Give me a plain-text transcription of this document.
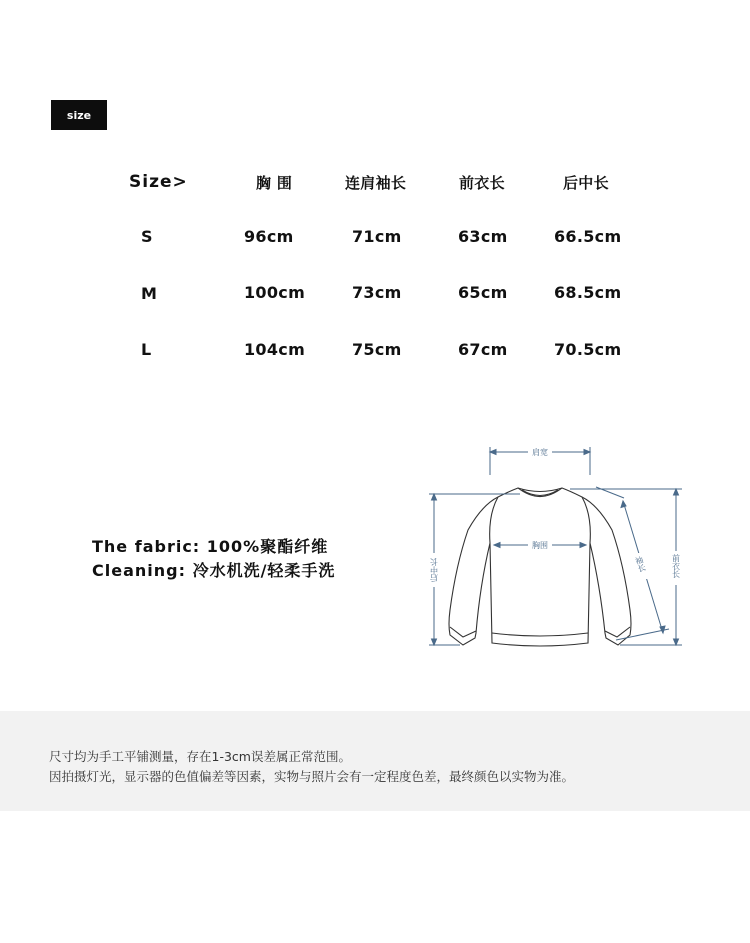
size
Size>	胸 围	连肩袖长	前衣长	后中长
S	96cm	71cm	63cm	66.5cm
M	100cm	73cm	65cm	68.5cm
L	104cm	75cm	67cm	70.5cm
The fabric: 100%聚酯纤维
Cleaning: 冷水机洗/轻柔手洗
肩宽
胸围
后中长	前衣长
袖长
尺寸均为手工平铺测量，存在1-3cm误差属正常范围。
因拍摄灯光，显示器的色值偏差等因素，实物与照片会有一定程度色差，最终颜色以实物为准。
